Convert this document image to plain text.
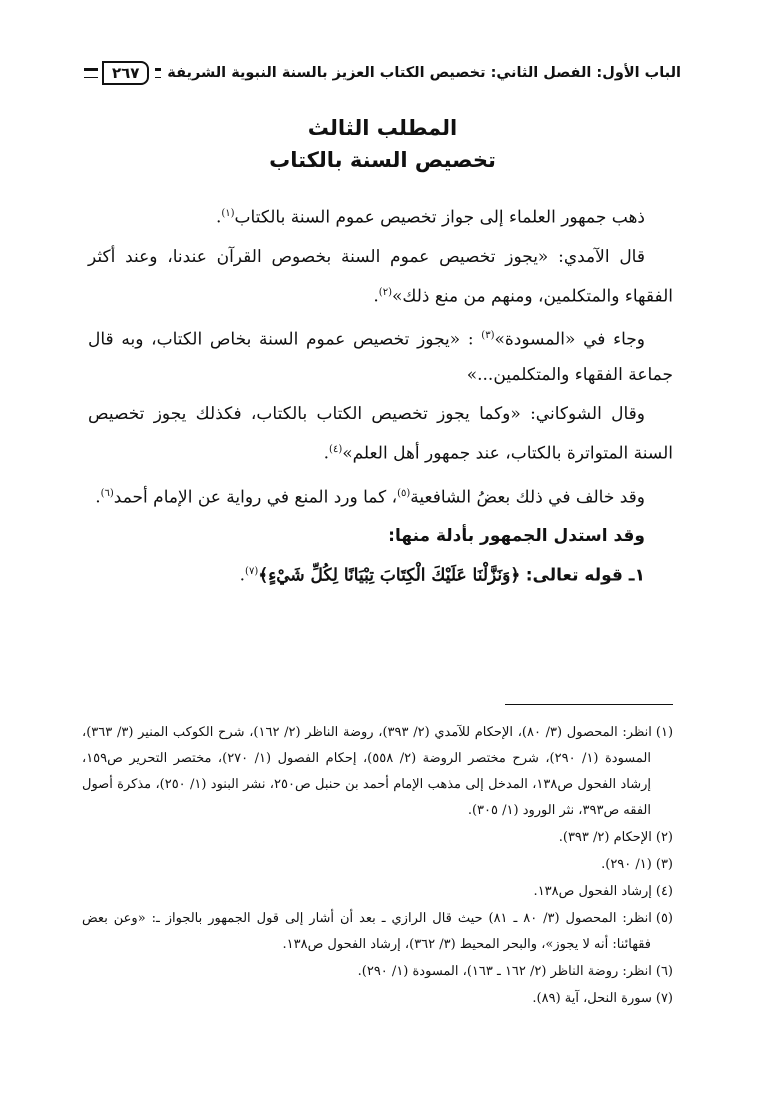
الباب الأول: الفصل الثاني: تخصيص الكتاب العزيز بالسنة النبوية الشريفة
٢٦٧
المطلب الثالث
تخصيص السنة بالكتاب

ذهب جمهور العلماء إلى جواز تخصيص عموم السنة بالكتاب$^{(١)}$.

قال الآمدي: «يجوز تخصيص عموم السنة بخصوص القرآن عندنا، وعند أكثر الفقهاء والمتكلمين، ومنهم من منع ذلك»$^{(٢)}$.

وجاء في «المسودة»$^{(٣)}$ : «يجوز تخصيص عموم السنة بخاص الكتاب، وبه قال جماعة الفقهاء والمتكلمين...»

وقال الشوكاني: «وكما يجوز تخصيص الكتاب بالكتاب، فكذلك يجوز تخصيص السنة المتواترة بالكتاب، عند جمهور أهل العلم»$^{(٤)}$.

وقد خالف في ذلك بعضُ الشافعية$^{(٥)}$، كما ورد المنع في رواية عن الإمام أحمد$^{(٦)}$.

وقد استدل الجمهور بأدلة منها:

١ـ قوله تعالى: ﴿وَنَزَّلْنَا عَلَيْكَ الْكِتَابَ تِبْيَانًا لِكُلِّ شَيْءٍ﴾$^{(٧)}$.

(١)انظر: المحصول (٣/ ٨٠)، الإحكام للآمدي (٢/ ٣٩٣)، روضة الناظر (٢/ ١٦٢)، شرح الكوكب المنير (٣/ ٣٦٣)، المسودة (١/ ٢٩٠)، شرح مختصر الروضة (٢/ ٥٥٨)، إحكام الفصول (١/ ٢٧٠)، مختصر التحرير ص١٥٩، إرشاد الفحول ص١٣٨، المدخل إلى مذهب الإمام أحمد بن حنبل ص٢٥٠، نشر البنود (١/ ٢٥٠)، مذكرة أصول الفقه ص٣٩٣، نثر الورود (١/ ٣٠٥).

(٢)الإحكام (٢/ ٣٩٣).

(٣)(١/ ٢٩٠).

(٤)إرشاد الفحول ص١٣٨.

(٥)انظر: المحصول (٣/ ٨٠ ـ ٨١) حيث قال الرازي ـ بعد أن أشار إلى قول الجمهور بالجواز ـ: «وعن بعض فقهائنا: أنه لا يجوز»، والبحر المحيط (٣/ ٣٦٢)، إرشاد الفحول ص١٣٨.

(٦)انظر: روضة الناظر (٢/ ١٦٢ ـ ١٦٣)، المسودة (١/ ٢٩٠).

(٧)سورة النحل، آية (٨٩).
